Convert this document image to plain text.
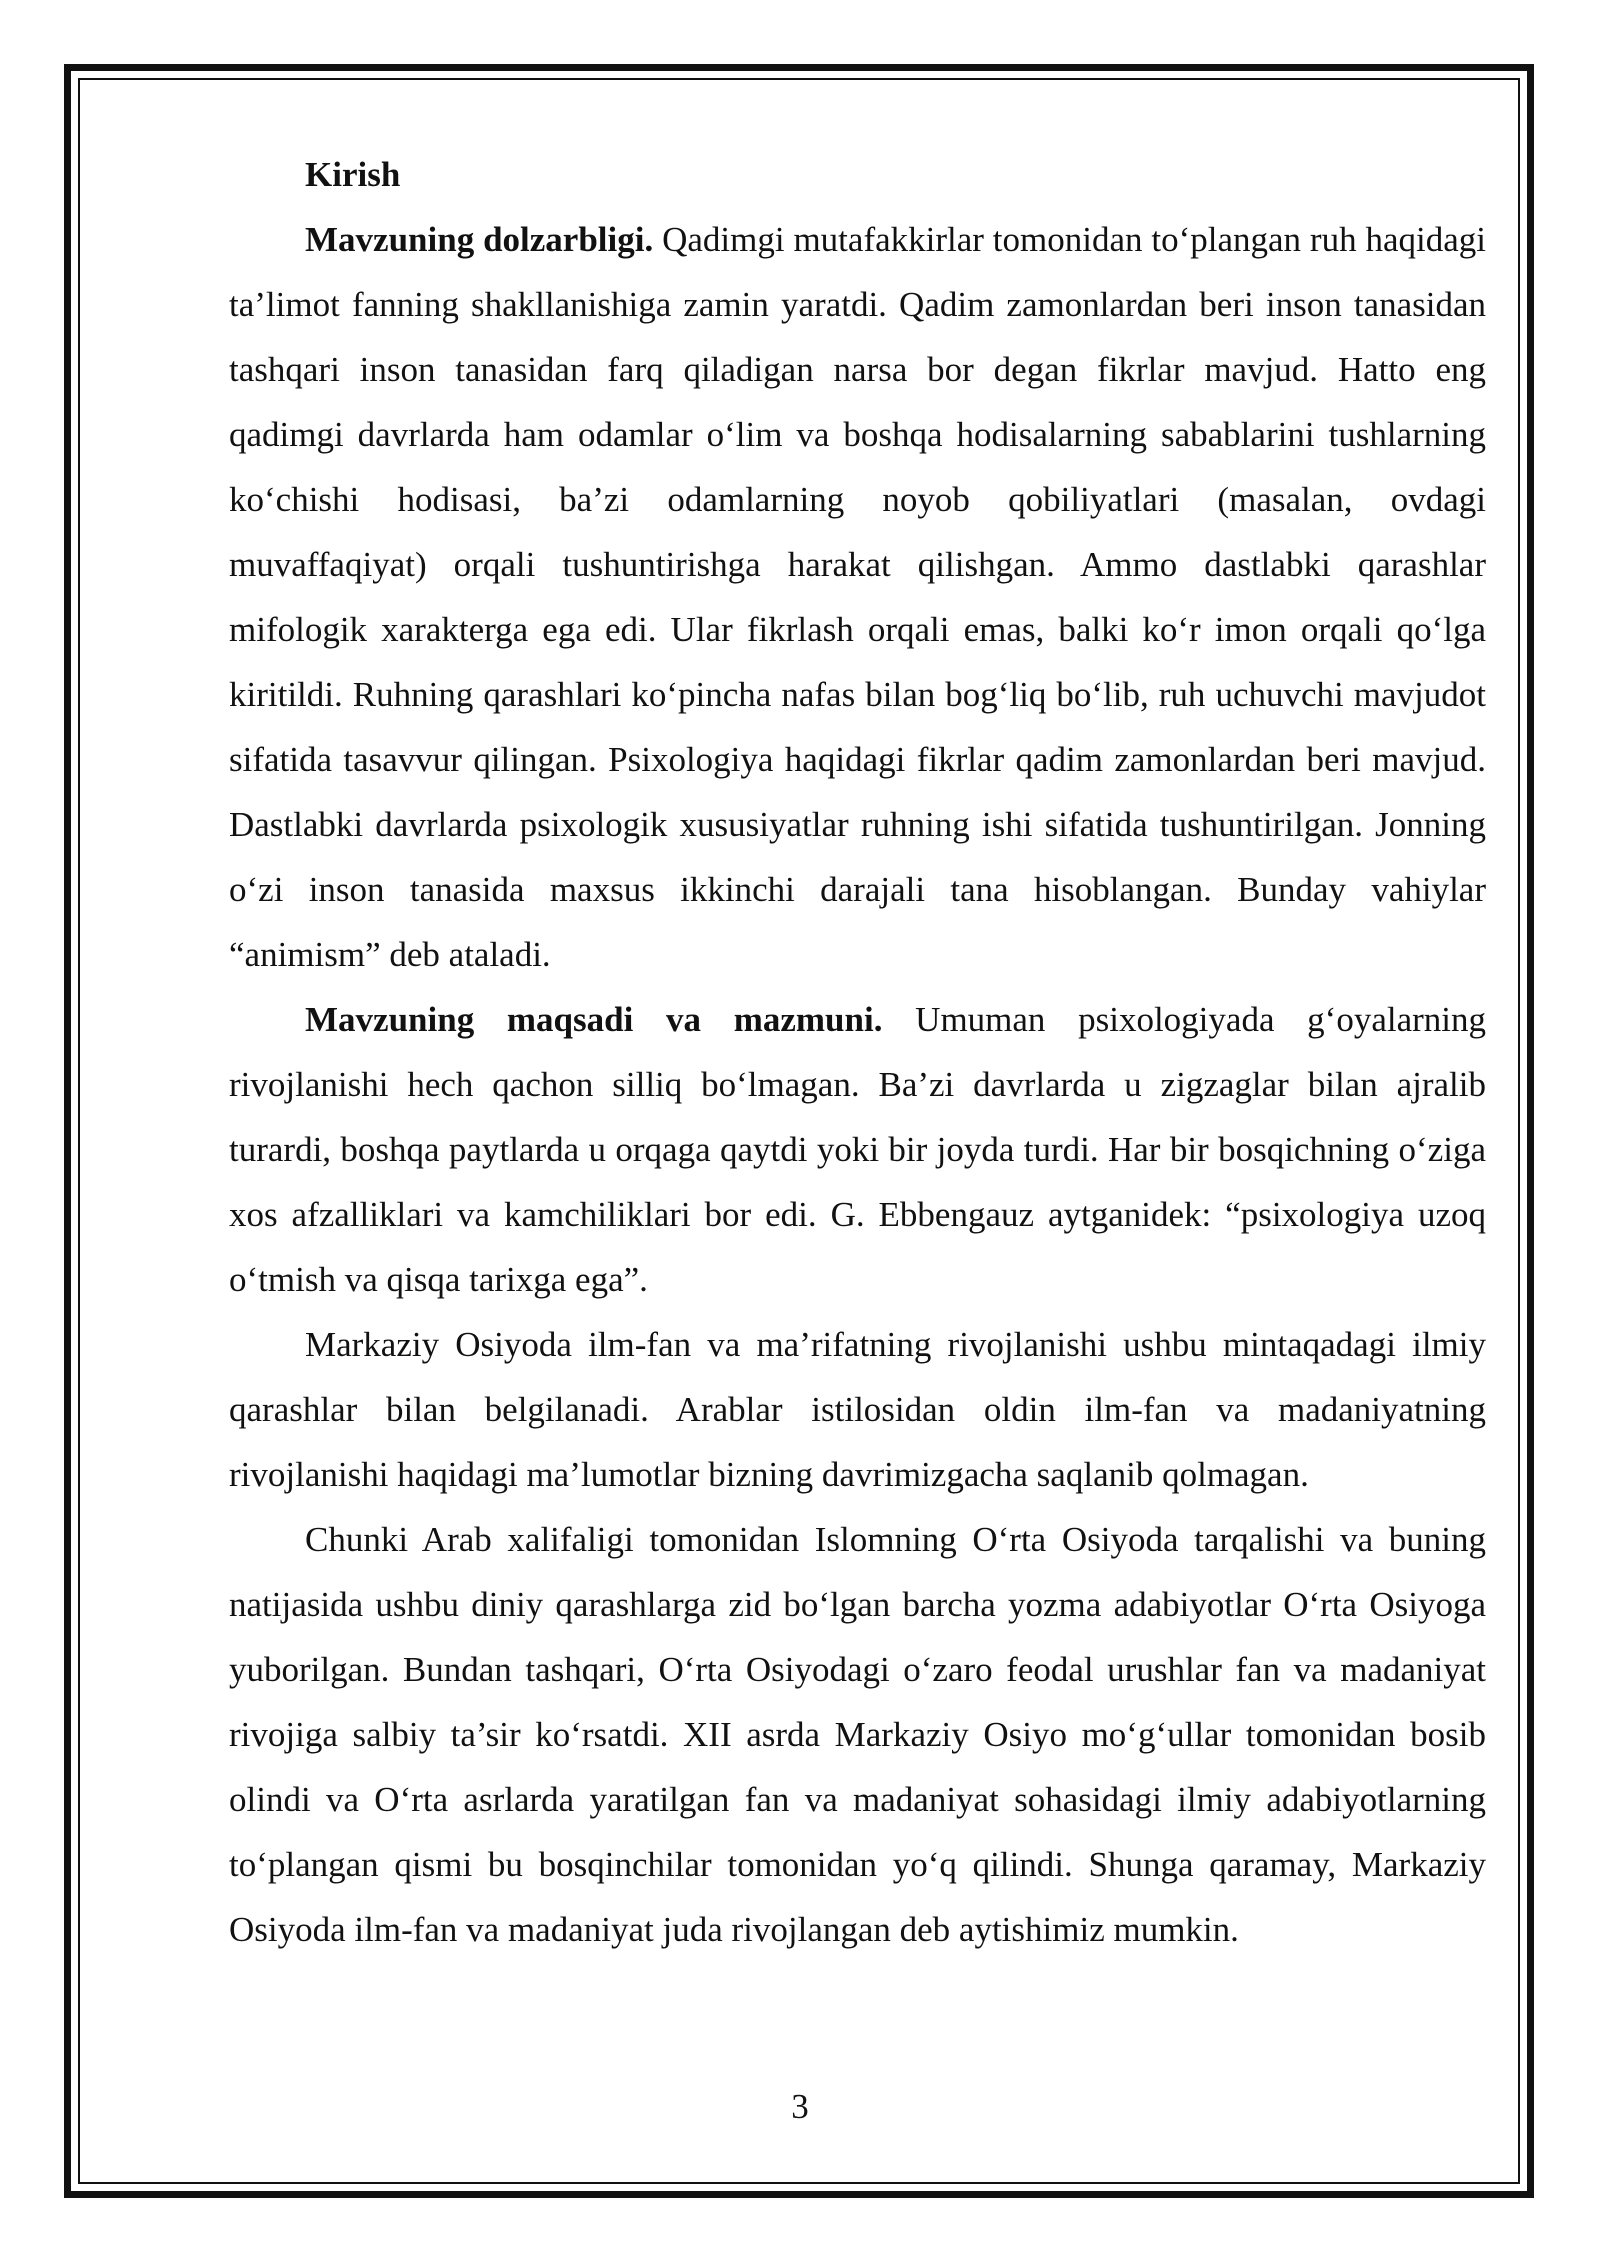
Kirish

Mavzuning dolzarbligi. Qadimgi mutafakkirlar tomonidan to‘plangan ruh haqidagi ta’limot fanning shakllanishiga zamin yaratdi. Qadim zamonlardan beri inson tanasidan tashqari inson tanasidan farq qiladigan narsa bor degan fikrlar mavjud. Hatto eng qadimgi davrlarda ham odamlar o‘lim va boshqa hodisalarning sabablarini tushlarning ko‘chishi hodisasi, ba’zi odamlarning noyob qobiliyatlari (masalan, ovdagi muvaffaqiyat) orqali tushuntirishga harakat qilishgan. Ammo dastlabki qarashlar mifologik xarakterga ega edi. Ular fikrlash orqali emas, balki ko‘r imon orqali qo‘lga kiritildi. Ruhning qarashlari ko‘pincha nafas bilan bog‘liq bo‘lib, ruh uchuvchi mavjudot sifatida tasavvur qilingan. Psixologiya haqidagi fikrlar qadim zamonlardan beri mavjud. Dastlabki davrlarda psixologik xususiyatlar ruhning ishi sifatida tushuntirilgan. Jonning o‘zi inson tanasida maxsus ikkinchi darajali tana hisoblangan. Bunday vahiylar “animism” deb ataladi.

Mavzuning maqsadi va mazmuni. Umuman psixologiyada g‘oyalarning rivojlanishi hech qachon silliq bo‘lmagan. Ba’zi davrlarda u zigzaglar bilan ajralib turardi, boshqa paytlarda u orqaga qaytdi yoki bir joyda turdi. Har bir bosqichning o‘ziga xos afzalliklari va kamchiliklari bor edi. G. Ebbengauz aytganidek: “psixologiya uzoq o‘tmish va qisqa tarixga ega”.

Markaziy Osiyoda ilm-fan va ma’rifatning rivojlanishi ushbu mintaqadagi ilmiy qarashlar bilan belgilanadi. Arablar istilosidan oldin ilm-fan va madaniyatning rivojlanishi haqidagi ma’lumotlar bizning davrimizgacha saqlanib qolmagan.

Chunki Arab xalifaligi tomonidan Islomning O‘rta Osiyoda tarqalishi va buning natijasida ushbu diniy qarashlarga zid bo‘lgan barcha yozma adabiyotlar O‘rta Osiyoga yuborilgan. Bundan tashqari, O‘rta Osiyodagi o‘zaro feodal urushlar fan va madaniyat rivojiga salbiy ta’sir ko‘rsatdi. XII asrda Markaziy Osiyo mo‘g‘ullar tomonidan bosib olindi va O‘rta asrlarda yaratilgan fan va madaniyat sohasidagi ilmiy adabiyotlarning to‘plangan qismi bu bosqinchilar tomonidan yo‘q qilindi. Shunga qaramay, Markaziy Osiyoda ilm-fan va madaniyat juda rivojlangan deb aytishimiz mumkin.

3
